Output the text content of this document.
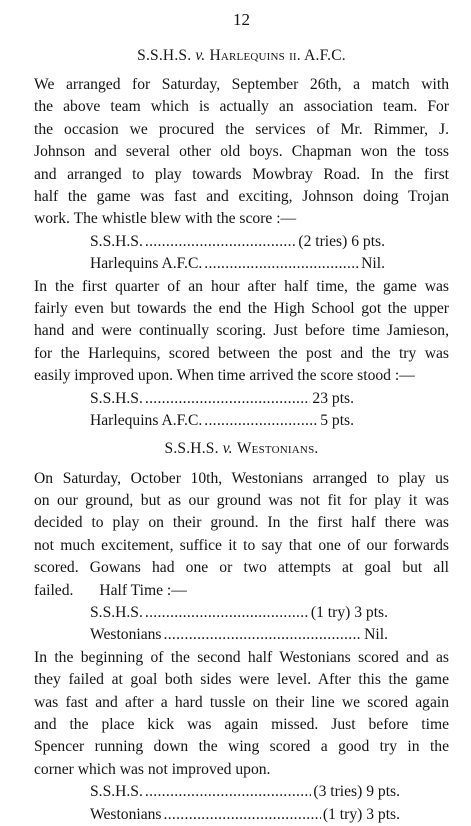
12
S.S.H.S. v. Harlequins ii. A.F.C.
We arranged for Saturday, September 26th, a match with
the above team which is actually an association team. For
the occasion we procured the services of Mr. Rimmer, J.
Johnson and several other old boys. Chapman won the toss
and arranged to play towards Mowbray Road. In the first
half the game was fast and exciting, Johnson doing Trojan
work. The whistle blew with the score :—
S.S.H.S. .....	(2 tries) 6 pts.
Harlequins A.F.C. .....	Nil.
In the first quarter of an hour after half time, the game was
fairly even but towards the end the High School got the upper
hand and were continually scoring. Just before time Jamieson,
for the Harlequins, scored between the post and the try was
easily improved upon. When time arrived the score stood :—
S.S.H.S. .....	23 pts.
Harlequins A.F.C. .....	5 pts.
S.S.H.S. v. Westonians.
On Saturday, October 10th, Westonians arranged to play us
on our ground, but as our ground was not fit for play it was
decided to play on their ground. In the first half there was
not much excitement, suffice it to say that one of our forwards
scored. Gowans had one or two attempts at goal but all
failed. Half Time :—
S.S.H.S. .....	(1 try) 3 pts.
Westonians .....	Nil.
In the beginning of the second half Westonians scored and as
they failed at goal both sides were level. After this the game
was fast and after a hard tussle on their line we scored again
and the place kick was again missed. Just before time
Spencer running down the wing scored a good try in the
corner which was not improved upon.
S.S.H.S. .....	(3 tries) 9 pts.
Westonians .....	(1 try) 3 pts.
